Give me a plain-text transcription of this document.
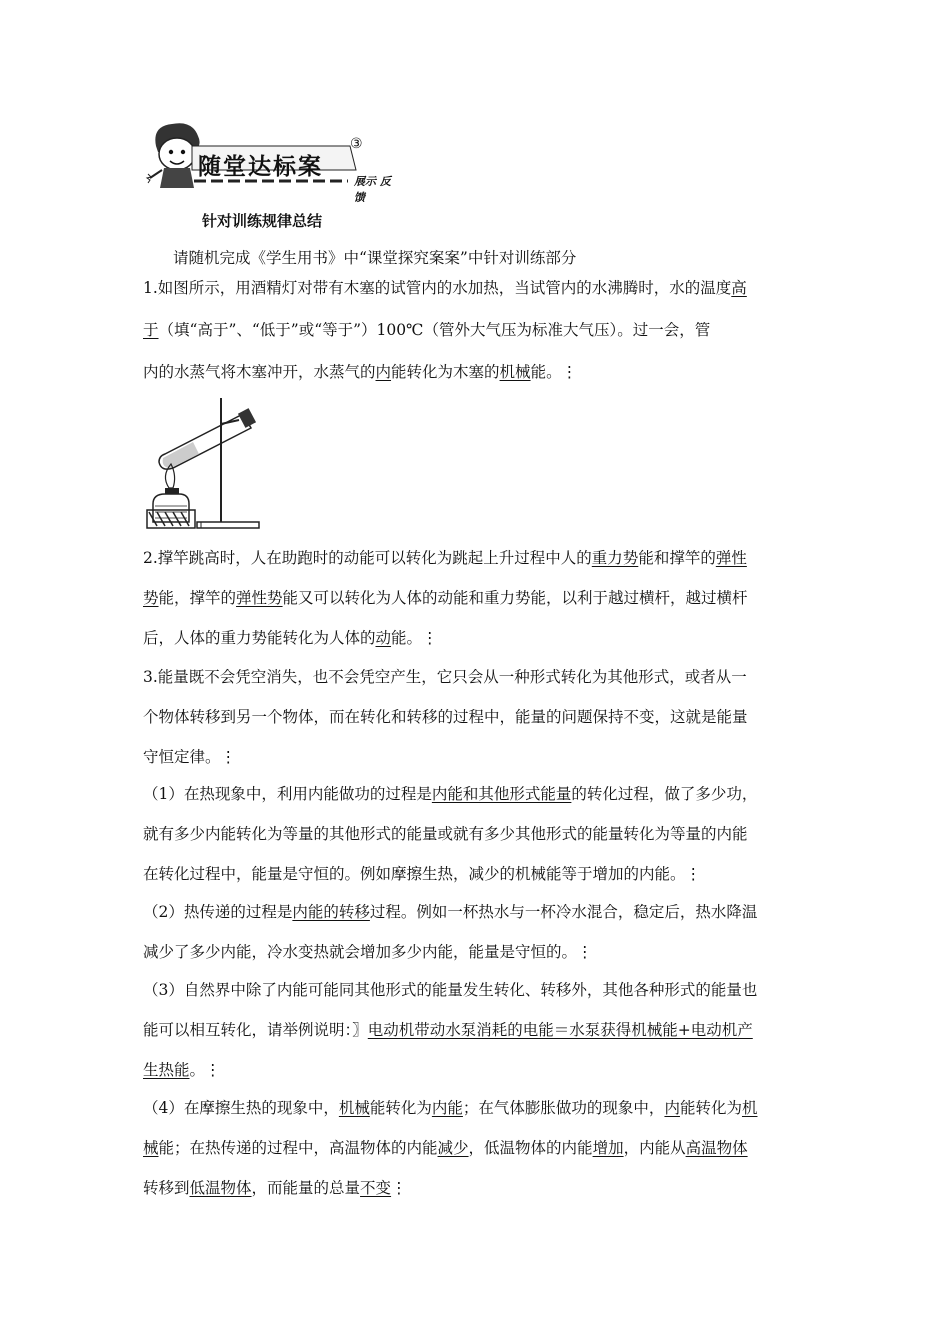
随堂达标案
③
展示 反馈
针对训练规律总结
请随机完成《学生用书》中“课堂探究案案”中针对训练部分
1.如图所示，用酒精灯对带有木塞的试管内的水加热，当试管内的水沸腾时，水的温度高
于（填“高于”、“低于”或“等于”）100℃（管外大气压为标准大气压）。过一会，管
内的水蒸气将木塞冲开，水蒸气的内能转化为木塞的机械能。⋮
2.撑竿跳高时，人在助跑时的动能可以转化为跳起上升过程中人的重力势能和撑竿的弹性
势能，撑竿的弹性势能又可以转化为人体的动能和重力势能，以利于越过横杆，越过横杆
后，人体的重力势能转化为人体的动能。⋮
3.能量既不会凭空消失，也不会凭空产生，它只会从一种形式转化为其他形式，或者从一
个物体转移到另一个物体，而在转化和转移的过程中，能量的问题保持不变，这就是能量
守恒定律。⋮
（1）在热现象中，利用内能做功的过程是内能和其他形式能量的转化过程，做了多少功，
就有多少内能转化为等量的其他形式的能量或就有多少其他形式的能量转化为等量的内能
在转化过程中，能量是守恒的。例如摩擦生热，减少的机械能等于增加的内能。⋮
（2）热传递的过程是内能的转移过程。例如一杯热水与一杯冷水混合，稳定后，热水降温
减少了多少内能，冷水变热就会增加多少内能，能量是守恒的。⋮
（3）自然界中除了内能可能同其他形式的能量发生转化、转移外，其他各种形式的能量也
能可以相互转化，请举例说明：〗电动机带动水泵消耗的电能＝水泵获得机械能+电动机产
生热能。⋮
（4）在摩擦生热的现象中，机械能转化为内能；在气体膨胀做功的现象中，内能转化为机
械能；在热传递的过程中，高温物体的内能减少，低温物体的内能增加，内能从高温物体
转移到低温物体，而能量的总量不变⋮
